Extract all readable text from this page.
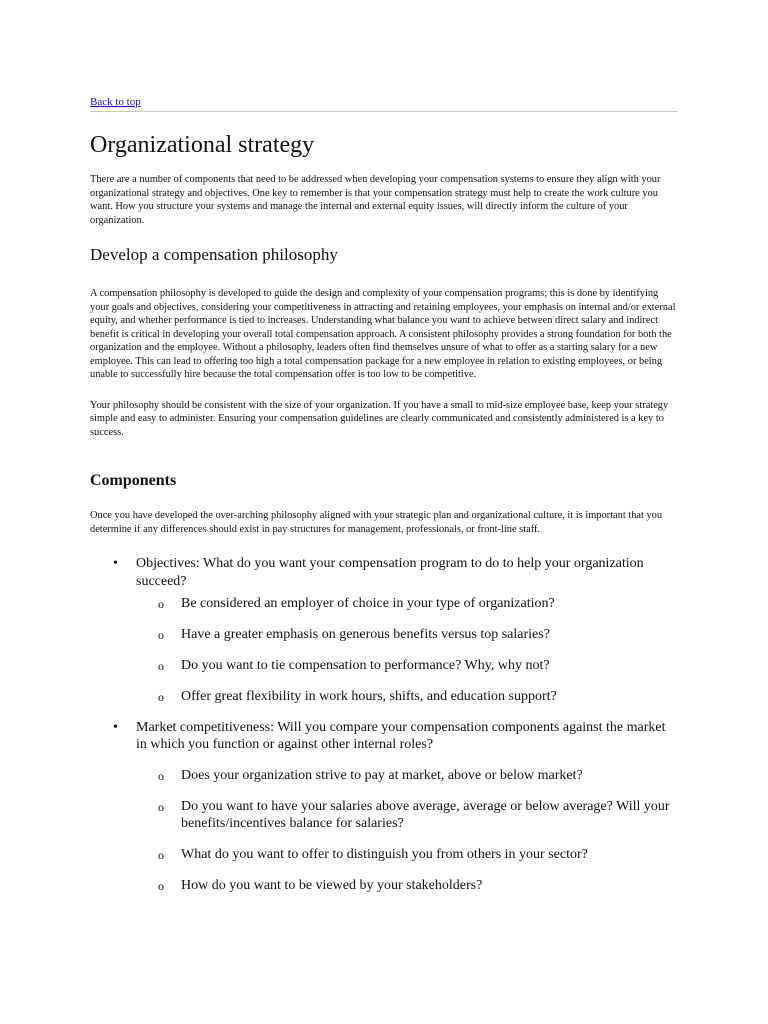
Back to top
Organizational strategy

There are a number of components that need to be addressed when developing your compensation systems to ensure they align with your organizational strategy and objectives. One key to remember is that your compensation strategy must help to create the work culture you want. How you structure your systems and manage the internal and external equity issues, will directly inform the culture of your organization.

Develop a compensation philosophy

A compensation philosophy is developed to guide the design and complexity of your compensation programs; this is done by identifying your goals and objectives, considering your competitiveness in attracting and retaining employees, your emphasis on internal and/or external equity, and whether performance is tied to increases. Understanding what balance you want to achieve between direct salary and indirect benefit is critical in developing your overall total compensation approach. A consistent philosophy provides a strong foundation for both the organization and the employee. Without a philosophy, leaders often find themselves unsure of what to offer as a starting salary for a new employee. This can lead to offering too high a total compensation package for a new employee in relation to existing employees, or being unable to successfully hire because the total compensation offer is too low to be competitive.

Your philosophy should be consistent with the size of your organization. If you have a small to mid-size employee base, keep your strategy simple and easy to administer. Ensuring your compensation guidelines are clearly communicated and consistently administered is a key to success.

Components

Once you have developed the over-arching philosophy aligned with your strategic plan and organizational culture, it is important that you determine if any differences should exist in pay structures for management, professionals, or front-line staff.

• Objectives: What do you want your compensation program to do to help your organization succeed?
o Be considered an employer of choice in your type of organization?
o Have a greater emphasis on generous benefits versus top salaries?
o Do you want to tie compensation to performance? Why, why not?
o Offer great flexibility in work hours, shifts, and education support?
• Market competitiveness: Will you compare your compensation components against the market in which you function or against other internal roles?
o Does your organization strive to pay at market, above or below market?
o Do you want to have your salaries above average, average or below average? Will your benefits/incentives balance for salaries?
o What do you want to offer to distinguish you from others in your sector?
o How do you want to be viewed by your stakeholders?
